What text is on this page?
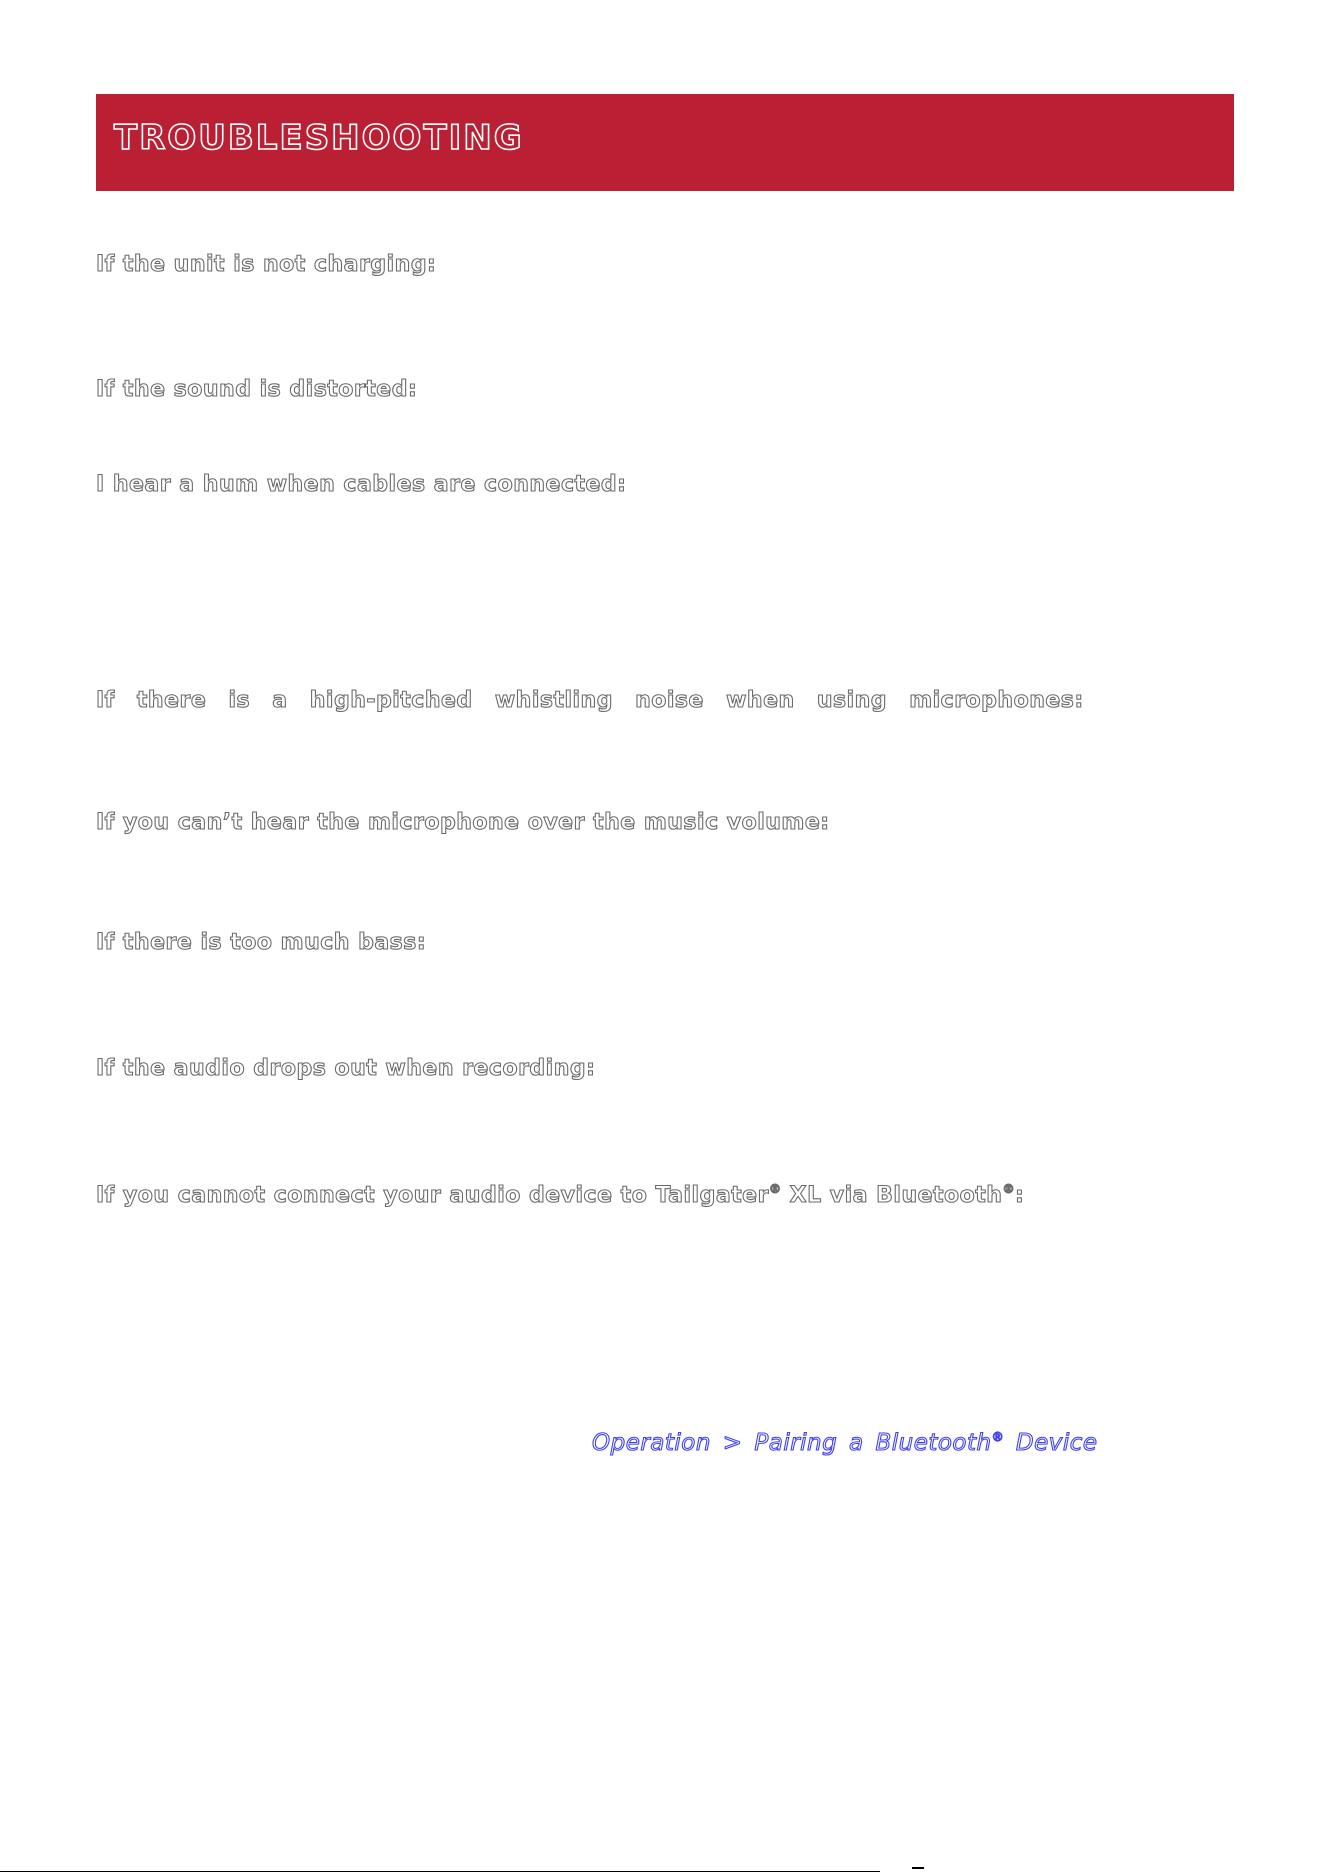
TROUBLESHOOTING
If the unit is not charging:
If the sound is distorted:
I hear a hum when cables are connected:
If there is a high-pitched whistling noise when using microphones:
If you can’t hear the microphone over the music volume:
If there is too much bass:
If the audio drops out when recording:
If you cannot connect your audio device to Tailgater® XL via Bluetooth®:
Operation > Pairing a Bluetooth® Device
